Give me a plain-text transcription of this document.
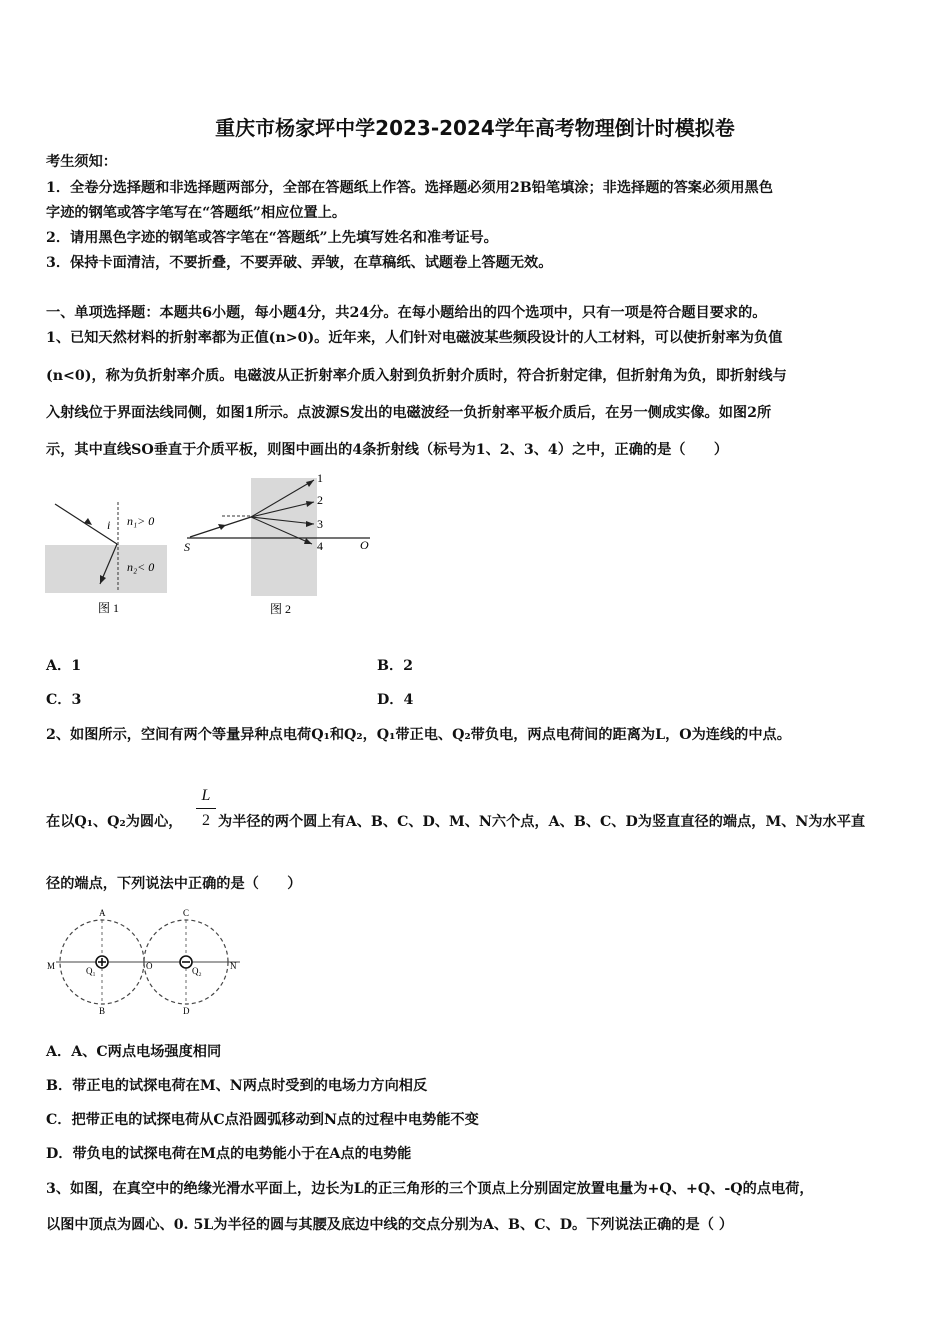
重庆市杨家坪中学2023-2024学年高考物理倒计时模拟卷
考生须知：
1．全卷分选择题和非选择题两部分，全部在答题纸上作答。选择题必须用2B铅笔填涂；非选择题的答案必须用黑色
字迹的钢笔或答字笔写在“答题纸”相应位置上。
2．请用黑色字迹的钢笔或答字笔在“答题纸”上先填写姓名和准考证号。
3．保持卡面清洁，不要折叠，不要弄破、弄皱，在草稿纸、试题卷上答题无效。
一、单项选择题：本题共6小题，每小题4分，共24分。在每小题给出的四个选项中，只有一项是符合题目要求的。
1、已知天然材料的折射率都为正值(n>0)。近年来，人们针对电磁波某些频段设计的人工材料，可以使折射率为负值
(n<0)，称为负折射率介质。电磁波从正折射率介质入射到负折射介质时，符合折射定律，但折射角为负，即折射线与
入射线位于界面法线同侧，如图1所示。点波源S发出的电磁波经一负折射率平板介质后，在另一侧成实像。如图2所
示，其中直线SO垂直于介质平板，则图中画出的4条折射线（标号为1、2、3、4）之中，正确的是（　　）
i n₁> 0
n₂< 0
图 1
1
2
3
4
S	O
图 2
A．1	B．2
C．3	D．4
2、如图所示，空间有两个等量异种点电荷Q₁和Q₂，Q₁带正电、Q₂带负电，两点电荷间的距离为L，O为连线的中点。
在以Q₁、Q₂为圆心，
L
2 为半径的两个圆上有A、B、C、D、M、N六个点，A、B、C、D为竖直直径的端点，M、N为水平直
径的端点，下列说法中正确的是（　　）
A
B
C
D
M	N
O
Q₁	Q₂
A．A、C两点电场强度相同
B．带正电的试探电荷在M、N两点时受到的电场力方向相反
C．把带正电的试探电荷从C点沿圆弧移动到N点的过程中电势能不变
D．带负电的试探电荷在M点的电势能小于在A点的电势能
3、如图，在真空中的绝缘光滑水平面上，边长为L的正三角形的三个顶点上分别固定放置电量为+Q、+Q、-Q的点电荷，
以图中顶点为圆心、0. 5L为半径的圆与其腰及底边中线的交点分别为A、B、C、D。下列说法正确的是（ ）
